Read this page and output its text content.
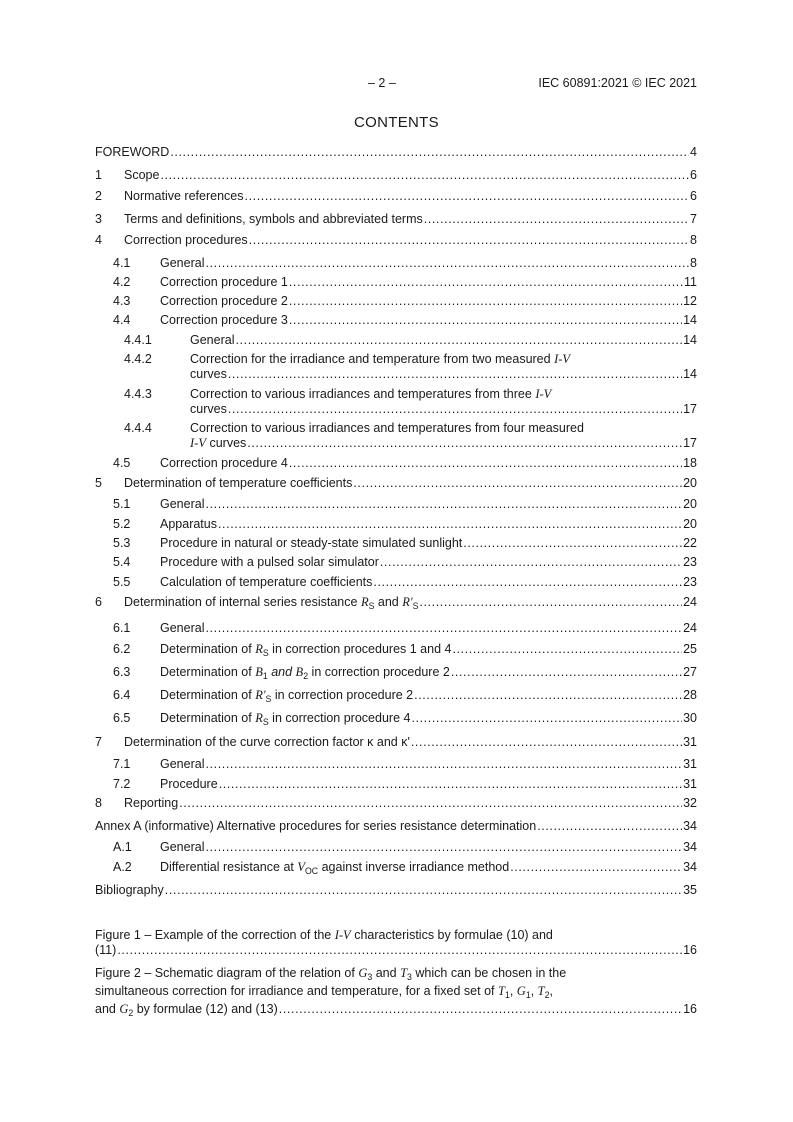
– 2 –	IEC 60891:2021 © IEC 2021
CONTENTS
FOREWORD .....	4
1	Scope .....	6
2	Normative references .....	6
3	Terms and definitions, symbols and abbreviated terms .....	7
4	Correction procedures .....	8
4.1	General .....	8
4.2	Correction procedure 1 .....	11
4.3	Correction procedure 2 .....	12
4.4	Correction procedure 3 .....	14
4.4.1	General .....	14
4.4.2	Correction for the irradiance and temperature from two measured I-V
curves .....	14
4.4.3	Correction to various irradiances and temperatures from three I-V
curves .....	17
4.4.4	Correction to various irradiances and temperatures from four measured
I-V curves .....	17
4.5	Correction procedure 4 .....	18
5	Determination of temperature coefficients .....	20
5.1	General .....	20
5.2	Apparatus .....	20
5.3	Procedure in natural or steady-state simulated sunlight .....	22
5.4	Procedure with a pulsed solar simulator .....	23
5.5	Calculation of temperature coefficients .....	23
6	Determination of internal series resistance $R_S$ and $R'_S$ .....	24
6.1	General .....	24
6.2	Determination of $R_S$ in correction procedures 1 and 4 .....	25
6.3	Determination of $B_1$ and $B_2$ in correction procedure 2 .....	27
6.4	Determination of $R'_S$ in correction procedure 2 .....	28
6.5	Determination of $R_S$ in correction procedure 4 .....	30
7	Determination of the curve correction factor κ and κ' .....	31
7.1	General .....	31
7.2	Procedure .....	31
8	Reporting .....	32
Annex A (informative) Alternative procedures for series resistance determination .....	34
A.1	General .....	34
A.2	Differential resistance at $V_{OC}$ against inverse irradiance method .....	34
Bibliography .....	35
Figure 1 – Example of the correction of the I-V characteristics by formulae (10) and
(11) .....	16
Figure 2 – Schematic diagram of the relation of $G_3$ and $T_3$ which can be chosen in the
simultaneous correction for irradiance and temperature, for a fixed set of $T_1$, $G_1$, $T_2$,
and $G_2$ by formulae (12) and (13) .....	16
